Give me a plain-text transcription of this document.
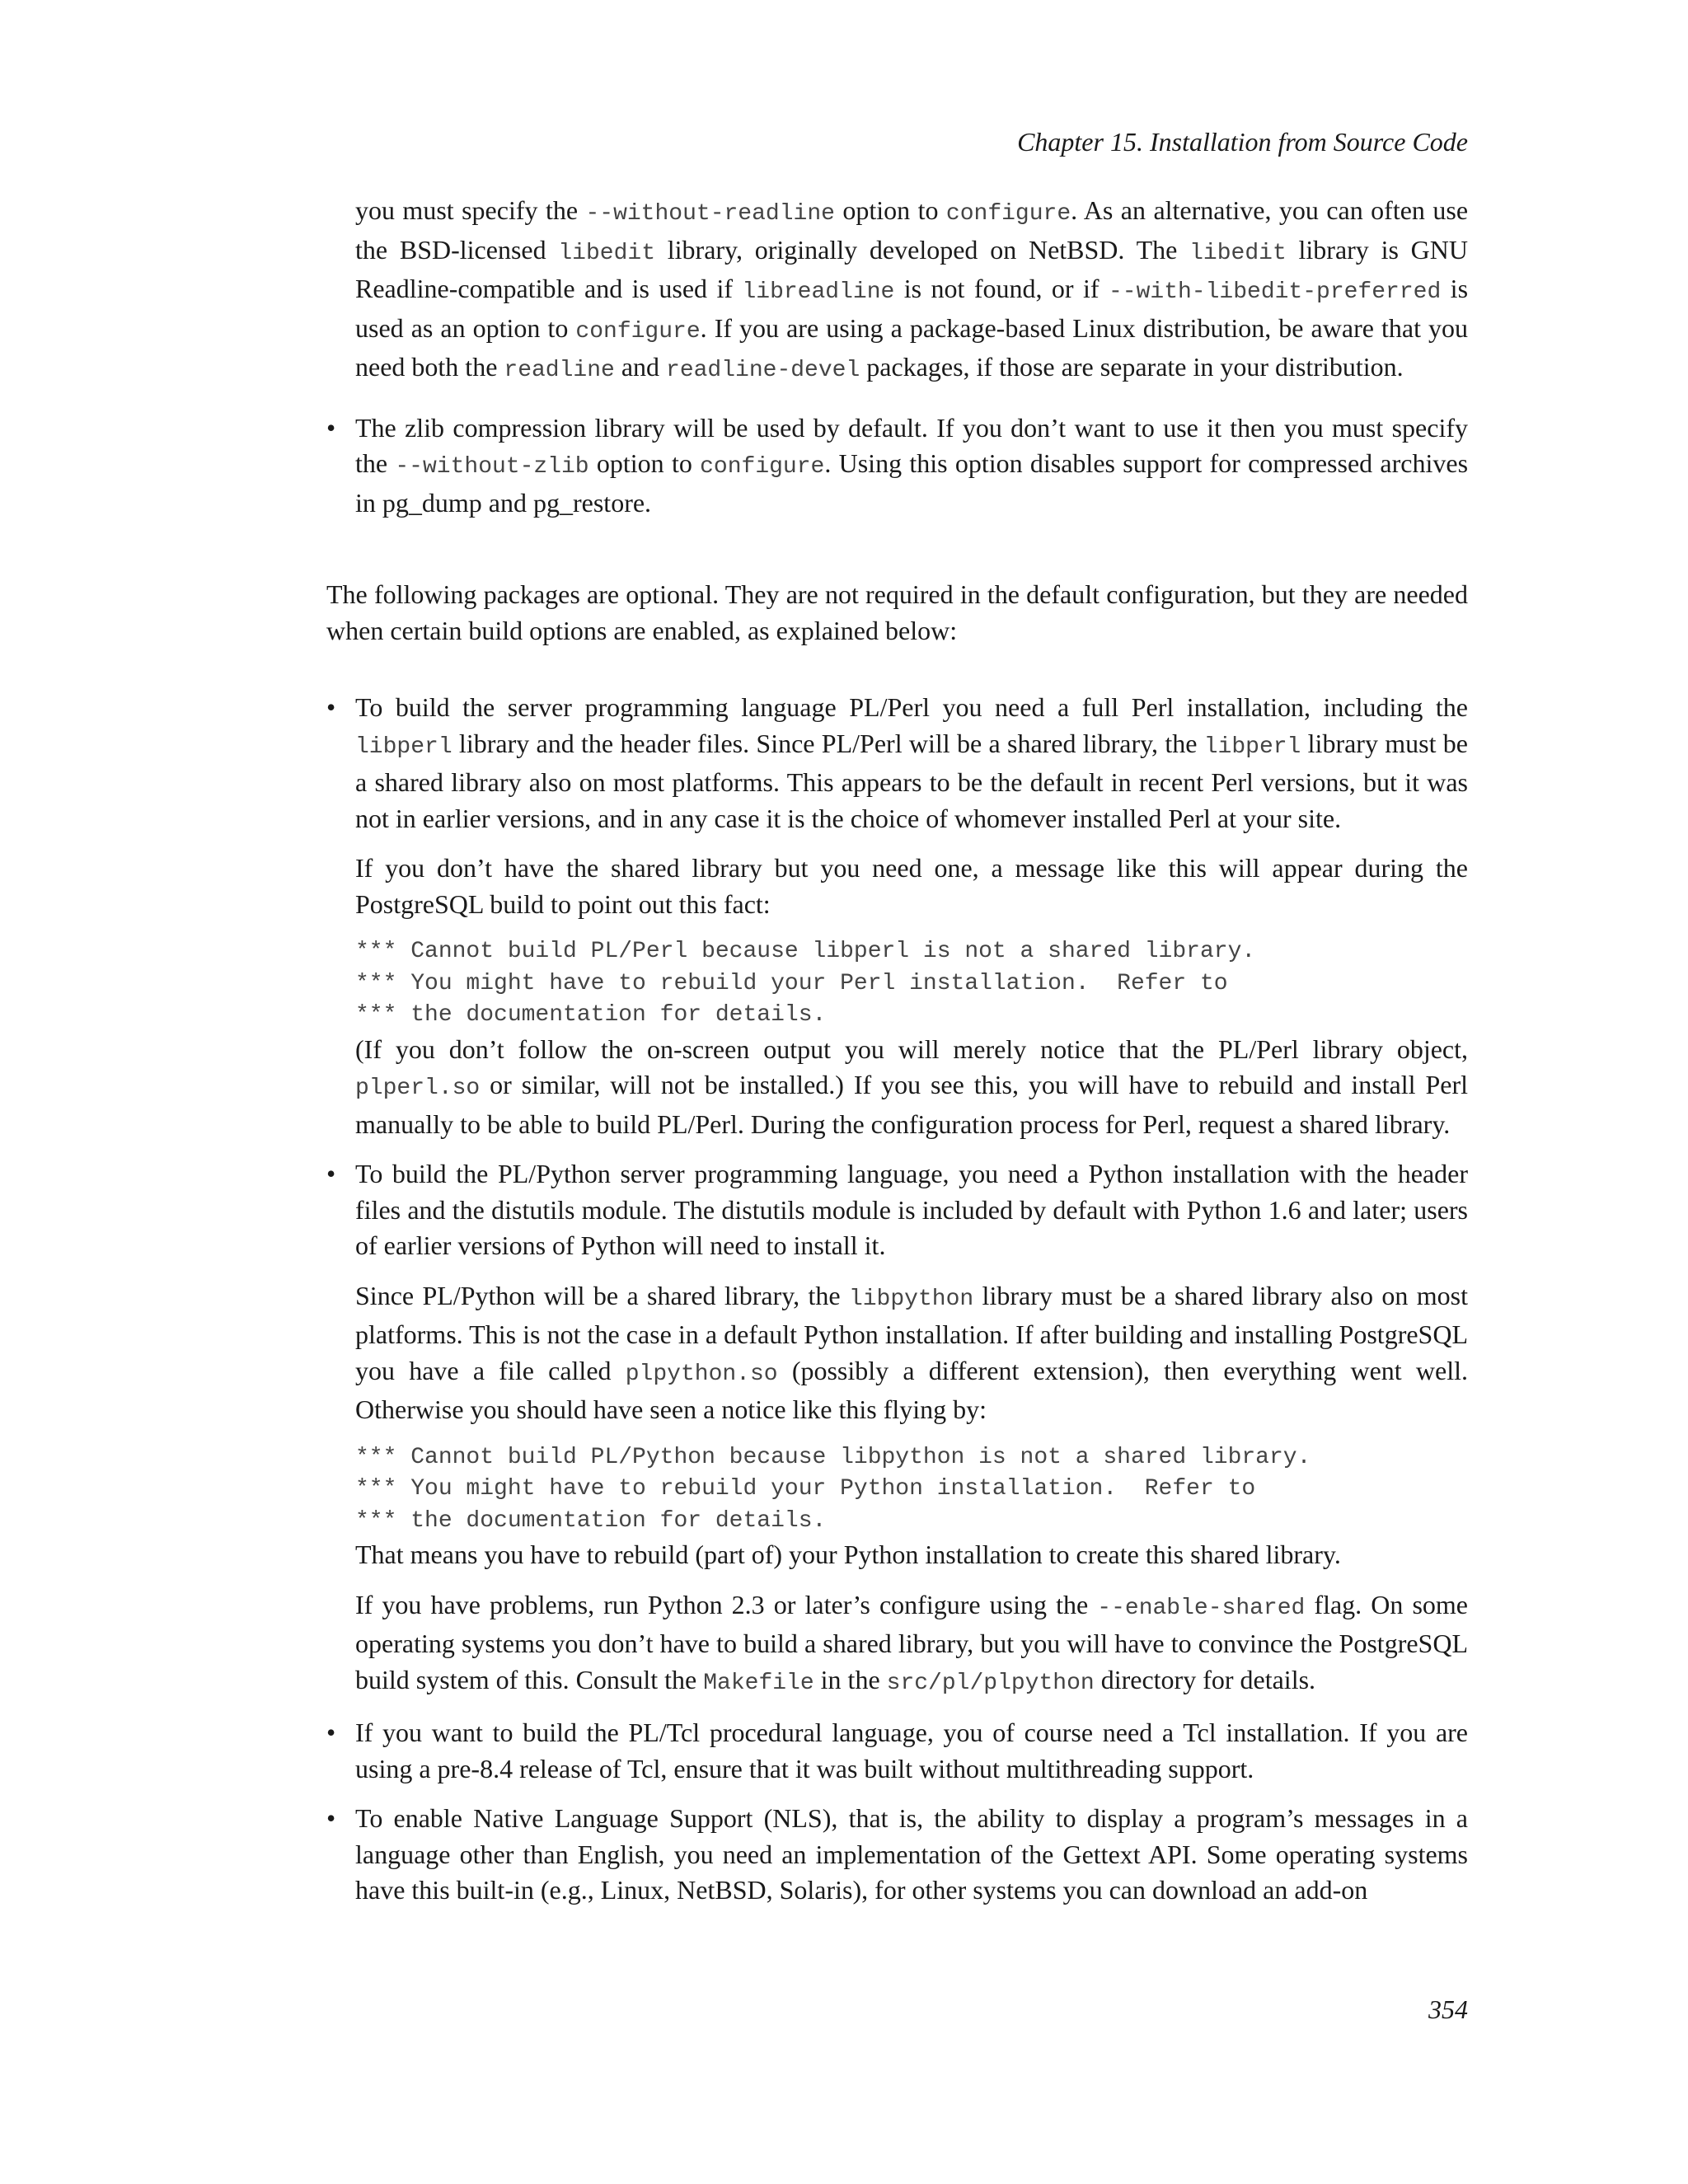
Chapter 15. Installation from Source Code

you must specify the --without-readline option to configure. As an alternative, you can often use the BSD-licensed libedit library, originally developed on NetBSD. The libedit library is GNU Readline-compatible and is used if libreadline is not found, or if --with-libedit-preferred is used as an option to configure. If you are using a package-based Linux distribution, be aware that you need both the readline and readline-devel packages, if those are separate in your distribution.

• The zlib compression library will be used by default. If you don’t want to use it then you must specify the --without-zlib option to configure. Using this option disables support for compressed archives in pg_dump and pg_restore.

The following packages are optional. They are not required in the default configuration, but they are needed when certain build options are enabled, as explained below:

• To build the server programming language PL/Perl you need a full Perl installation, including the libperl library and the header files. Since PL/Perl will be a shared library, the libperl library must be a shared library also on most platforms. This appears to be the default in recent Perl versions, but it was not in earlier versions, and in any case it is the choice of whomever installed Perl at your site.

If you don’t have the shared library but you need one, a message like this will appear during the PostgreSQL build to point out this fact:

*** Cannot build PL/Perl because libperl is not a shared library.
*** You might have to rebuild your Perl installation.  Refer to
*** the documentation for details.

(If you don’t follow the on-screen output you will merely notice that the PL/Perl library object, plperl.so or similar, will not be installed.) If you see this, you will have to rebuild and install Perl manually to be able to build PL/Perl. During the configuration process for Perl, request a shared library.

• To build the PL/Python server programming language, you need a Python installation with the header files and the distutils module. The distutils module is included by default with Python 1.6 and later; users of earlier versions of Python will need to install it.

Since PL/Python will be a shared library, the libpython library must be a shared library also on most platforms. This is not the case in a default Python installation. If after building and installing PostgreSQL you have a file called plpython.so (possibly a different extension), then everything went well. Otherwise you should have seen a notice like this flying by:

*** Cannot build PL/Python because libpython is not a shared library.
*** You might have to rebuild your Python installation.  Refer to
*** the documentation for details.

That means you have to rebuild (part of) your Python installation to create this shared library.

If you have problems, run Python 2.3 or later’s configure using the --enable-shared flag. On some operating systems you don’t have to build a shared library, but you will have to convince the PostgreSQL build system of this. Consult the Makefile in the src/pl/plpython directory for details.

• If you want to build the PL/Tcl procedural language, you of course need a Tcl installation. If you are using a pre-8.4 release of Tcl, ensure that it was built without multithreading support.

• To enable Native Language Support (NLS), that is, the ability to display a program’s messages in a language other than English, you need an implementation of the Gettext API. Some operating systems have this built-in (e.g., Linux, NetBSD, Solaris), for other systems you can download an add-on

354
